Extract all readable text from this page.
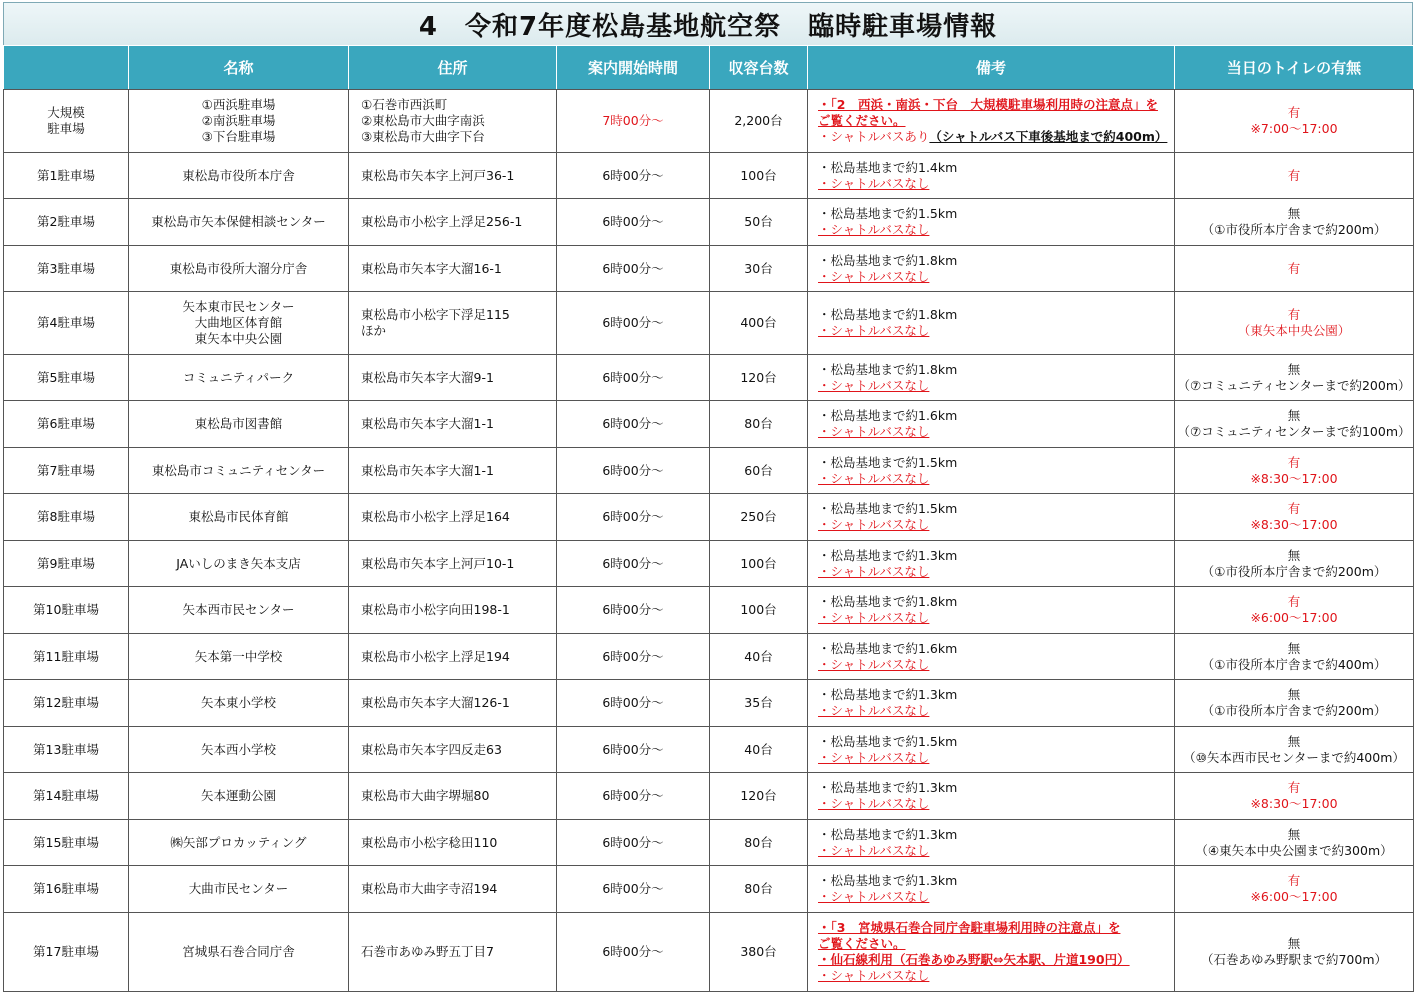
4　令和7年度松島基地航空祭　臨時駐車場情報
	名称	住所	案内開始時間	収容台数	備考	当日のトイレの有無

大規模
駐車場	①西浜駐車場
②南浜駐車場
③下台駐車場	①石巻市西浜町
②東松島市大曲字南浜
③東松島市大曲字下台	7時00分～	2,200台	・「2　西浜・南浜・下台　大規模駐車場利用時の注意点」を
ご覧ください。
・シャトルバスあり（シャトルバス下車後基地まで約400m）	有
※7:00～17:00

第1駐車場	東松島市役所本庁舎	東松島市矢本字上河戸36-1	6時00分～	100台	・松島基地まで約1.4km
・シャトルバスなし	有

第2駐車場	東松島市矢本保健相談センター	東松島市小松字上浮足256-1	6時00分～	50台	・松島基地まで約1.5km
・シャトルバスなし	無
（①市役所本庁舎まで約200m）

第3駐車場	東松島市役所大溜分庁舎	東松島市矢本字大溜16-1	6時00分～	30台	・松島基地まで約1.8km
・シャトルバスなし	有

第4駐車場	矢本東市民センター
大曲地区体育館
東矢本中央公園	東松島市小松字下浮足115
ほか	6時00分～	400台	・松島基地まで約1.8km
・シャトルバスなし	有
（東矢本中央公園）

第5駐車場	コミュニティパーク	東松島市矢本字大溜9-1	6時00分～	120台	・松島基地まで約1.8km
・シャトルバスなし	無
（⑦コミュニティセンターまで約200m）

第6駐車場	東松島市図書館	東松島市矢本字大溜1-1	6時00分～	80台	・松島基地まで約1.6km
・シャトルバスなし	無
（⑦コミュニティセンターまで約100m）

第7駐車場	東松島市コミュニティセンター	東松島市矢本字大溜1-1	6時00分～	60台	・松島基地まで約1.5km
・シャトルバスなし	有
※8:30～17:00

第8駐車場	東松島市民体育館	東松島市小松字上浮足164	6時00分～	250台	・松島基地まで約1.5km
・シャトルバスなし	有
※8:30～17:00

第9駐車場	JAいしのまき矢本支店	東松島市矢本字上河戸10-1	6時00分～	100台	・松島基地まで約1.3km
・シャトルバスなし	無
（①市役所本庁舎まで約200m）

第10駐車場	矢本西市民センター	東松島市小松字向田198-1	6時00分～	100台	・松島基地まで約1.8km
・シャトルバスなし	有
※6:00～17:00

第11駐車場	矢本第一中学校	東松島市小松字上浮足194	6時00分～	40台	・松島基地まで約1.6km
・シャトルバスなし	無
（①市役所本庁舎まで約400m）

第12駐車場	矢本東小学校	東松島市矢本字大溜126-1	6時00分～	35台	・松島基地まで約1.3km
・シャトルバスなし	無
（①市役所本庁舎まで約200m）

第13駐車場	矢本西小学校	東松島市矢本字四反走63	6時00分～	40台	・松島基地まで約1.5km
・シャトルバスなし	無
（⑩矢本西市民センターまで約400m）

第14駐車場	矢本運動公園	東松島市大曲字堺堀80	6時00分～	120台	・松島基地まで約1.3km
・シャトルバスなし	有
※8:30～17:00

第15駐車場	㈱矢部プロカッティング	東松島市小松字稔田110	6時00分～	80台	・松島基地まで約1.3km
・シャトルバスなし	無
（④東矢本中央公園まで約300m）

第16駐車場	大曲市民センター	東松島市大曲字寺沼194	6時00分～	80台	・松島基地まで約1.3km
・シャトルバスなし	有
※6:00～17:00

第17駐車場	宮城県石巻合同庁舎	石巻市あゆみ野五丁目7	6時00分～	380台	・「3　宮城県石巻合同庁舎駐車場利用時の注意点」を
ご覧ください。
・仙石線利用（石巻あゆみ野駅⇔矢本駅、片道190円）
・シャトルバスなし	無
（石巻あゆみ野駅まで約700m）
